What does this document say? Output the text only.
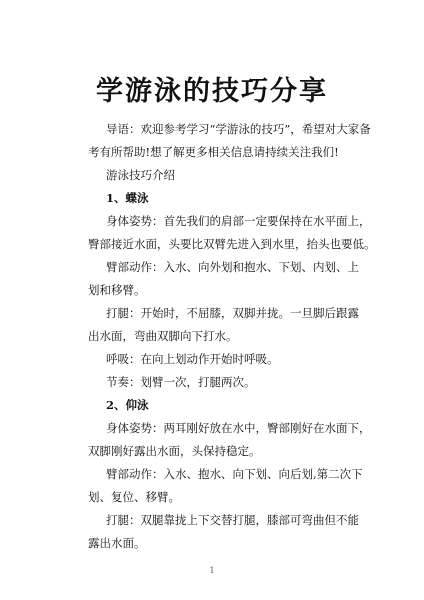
学游泳的技巧分享
导语：欢迎参考学习“学游泳的技巧”，希望对大家备
考有所帮助!想了解更多相关信息请持续关注我们!
游泳技巧介绍
1、蝶泳
身体姿势：首先我们的肩部一定要保持在水平面上，
臀部接近水面，头要比双臂先进入到水里，抬头也要低。
臂部动作：入水、向外划和抱水、下划、内划、上
划和移臂。
打腿：开始时，不屈膝，双脚并拢。一旦脚后跟露
出水面，弯曲双脚向下打水。
呼吸：在向上划动作开始时呼吸。
节奏：划臂一次，打腿两次。
2、仰泳
身体姿势：两耳刚好放在水中，臀部刚好在水面下，
双脚刚好露出水面，头保持稳定。
臂部动作：入水、抱水、向下划、向后划,第二次下
划、复位、移臂。
打腿：双腿靠拢上下交替打腿，膝部可弯曲但不能
露出水面。
1
